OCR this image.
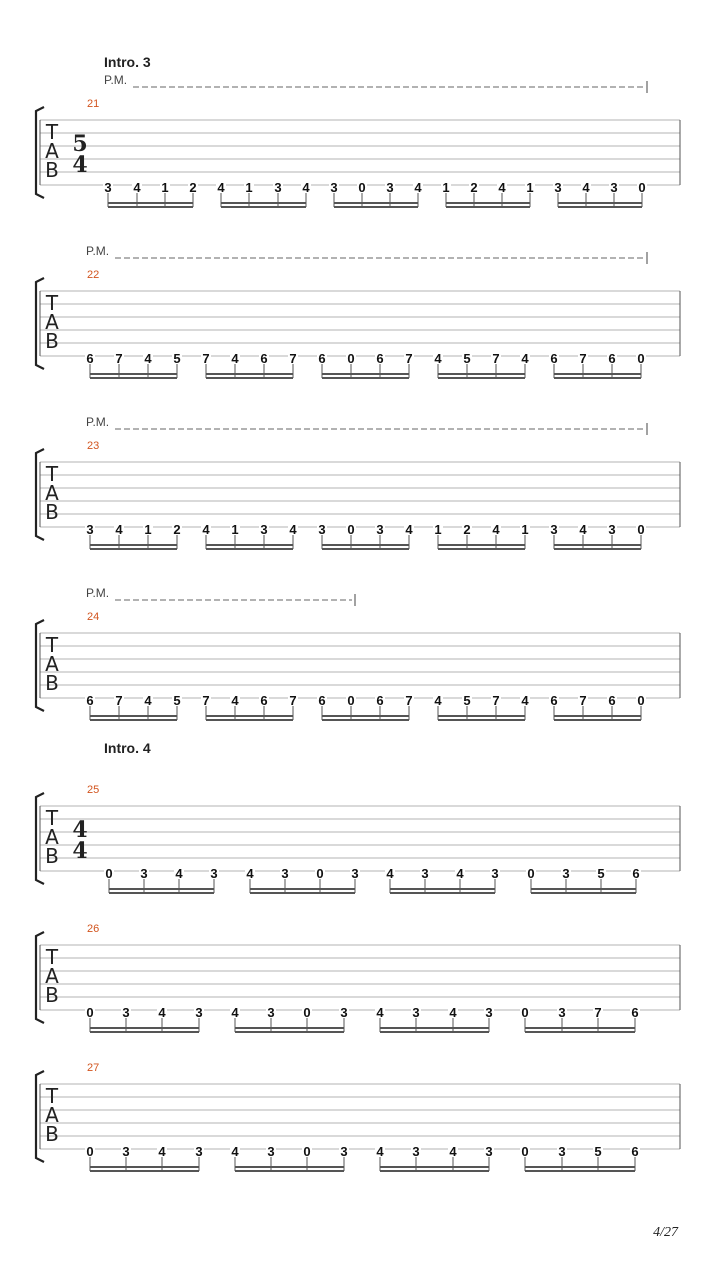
Intro. 3
P.M.
21
T
A
B
5
4
3 4 1 2 4 1 3 4 3 0 3 4 1 2 4 1 3 4 3 0
P.M.
22
T
A
B
6 7 4 5 7 4 6 7 6 0 6 7 4 5 7 4 6 7 6 0
P.M.
23
T
A
B
3 4 1 2 4 1 3 4 3 0 3 4 1 2 4 1 3 4 3 0
P.M.
24
T
A
B
6 7 4 5 7 4 6 7 6 0 6 7 4 5 7 4 6 7 6 0
Intro. 4
25
T
A
B
4
4
0 3 4 3 4 3 0 3 4 3 4 3 0 3 5 6
26
T
A
B
0 3 4 3 4 3 0 3 4 3 4 3 0 3 7 6
27
T
A
B
0 3 4 3 4 3 0 3 4 3 4 3 0 3 5 6
4/27
